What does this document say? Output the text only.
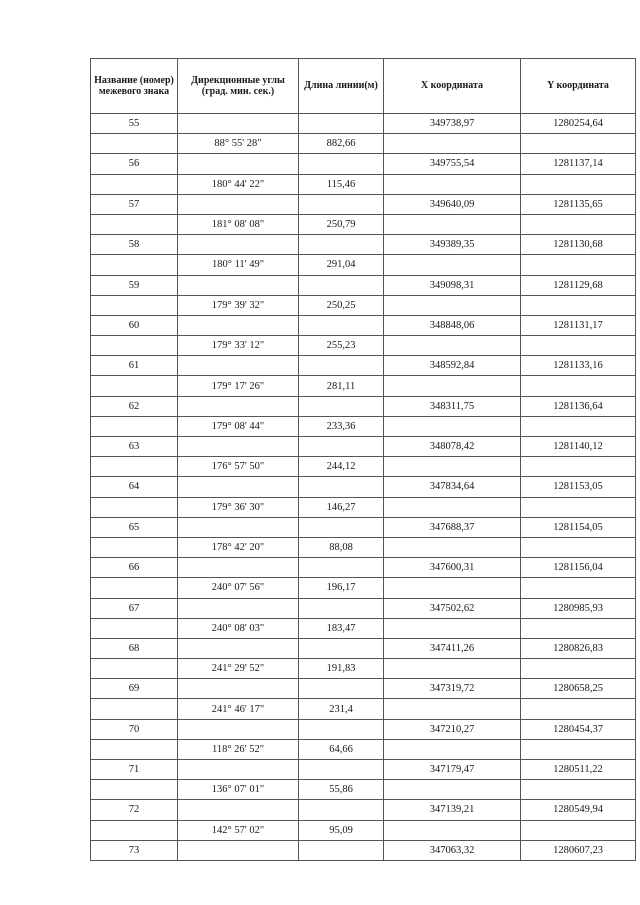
Название (номер) межевого знака	Дирекционные углы (град. мин. сек.)	Длина линии(м)	X координата	Y координата
55			349738,97	1280254,64
	88° 55' 28"	882,66		
56			349755,54	1281137,14
	180° 44' 22"	115,46		
57			349640,09	1281135,65
	181° 08' 08"	250,79		
58			349389,35	1281130,68
	180° 11' 49"	291,04		
59			349098,31	1281129,68
	179° 39' 32"	250,25		
60			348848,06	1281131,17
	179° 33' 12"	255,23		
61			348592,84	1281133,16
	179° 17' 26"	281,11		
62			348311,75	1281136,64
	179° 08' 44"	233,36		
63			348078,42	1281140,12
	176° 57' 50"	244,12		
64			347834,64	1281153,05
	179° 36' 30"	146,27		
65			347688,37	1281154,05
	178° 42' 20"	88,08		
66			347600,31	1281156,04
	240° 07' 56"	196,17		
67			347502,62	1280985,93
	240° 08' 03"	183,47		
68			347411,26	1280826,83
	241° 29' 52"	191,83		
69			347319,72	1280658,25
	241° 46' 17"	231,4		
70			347210,27	1280454,37
	118° 26' 52"	64,66		
71			347179,47	1280511,22
	136° 07' 01"	55,86		
72			347139,21	1280549,94
	142° 57' 02"	95,09		
73			347063,32	1280607,23
